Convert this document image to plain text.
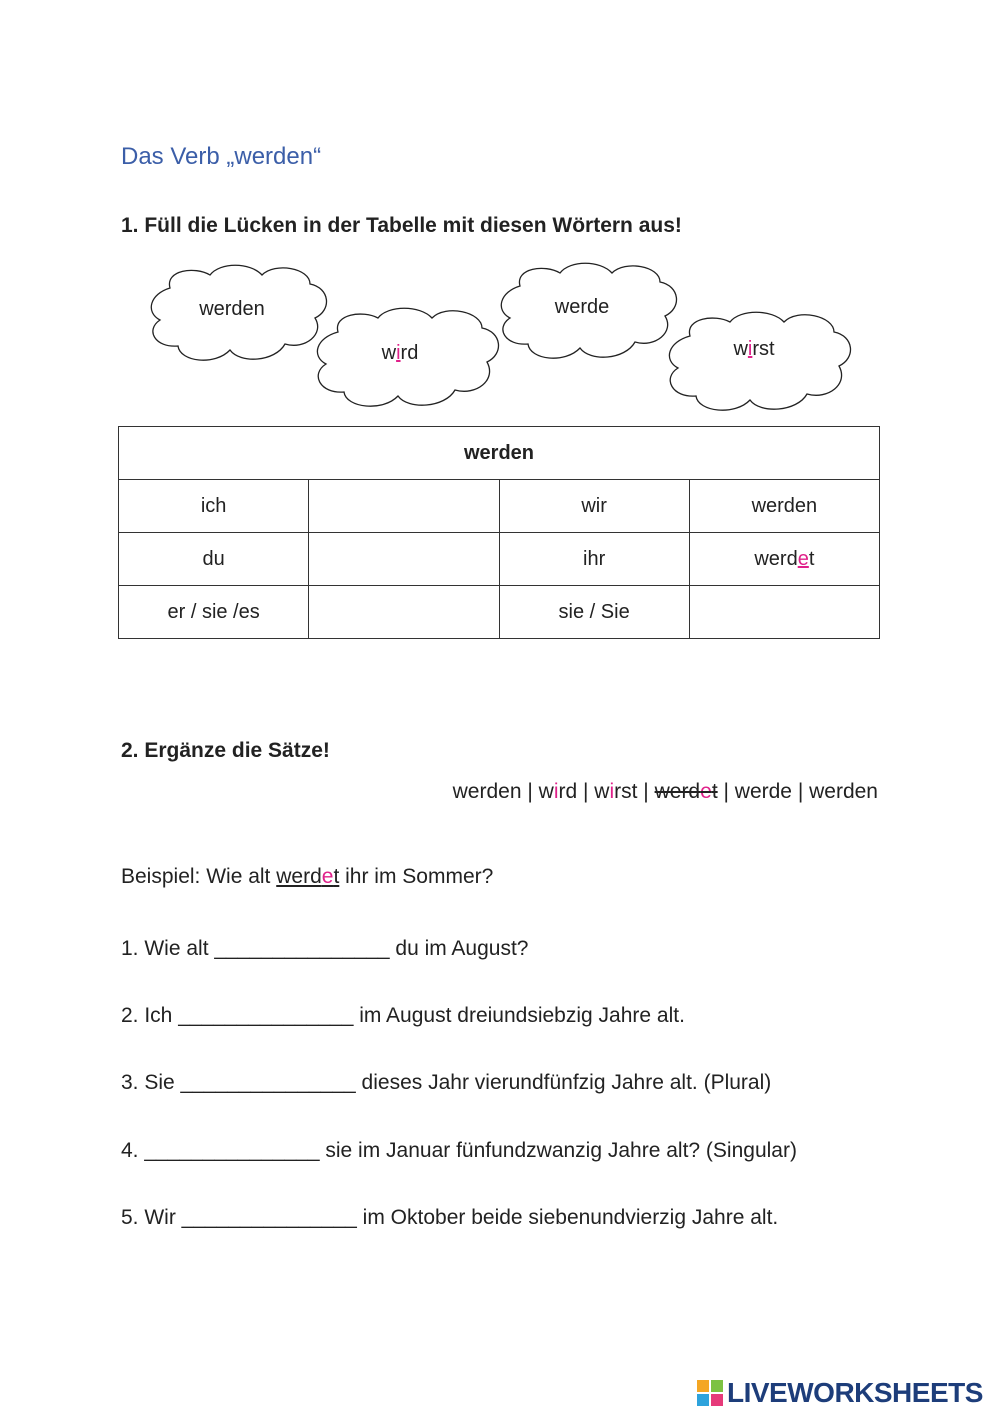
Das Verb „werden“
1. Füll die Lücken in der Tabelle mit diesen Wörtern aus!
werden
wird
werde
wirst
werden			
ich		wir	werden
du		ihr	werdet
er / sie /es		sie / Sie	
2. Ergänze die Sätze!
werden | wird | wirst | werdet | werde | werden
Beispiel: Wie alt werdet ihr im Sommer?
1. Wie alt _______________ du im August?
2. Ich _______________ im August dreiundsiebzig Jahre alt.
3. Sie _______________ dieses Jahr vierundfünfzig Jahre alt. (Plural)
4. _______________ sie im Januar fünfundzwanzig Jahre alt? (Singular)
5. Wir _______________ im Oktober beide siebenundvierzig Jahre alt.
LIVEWORKSHEETS
